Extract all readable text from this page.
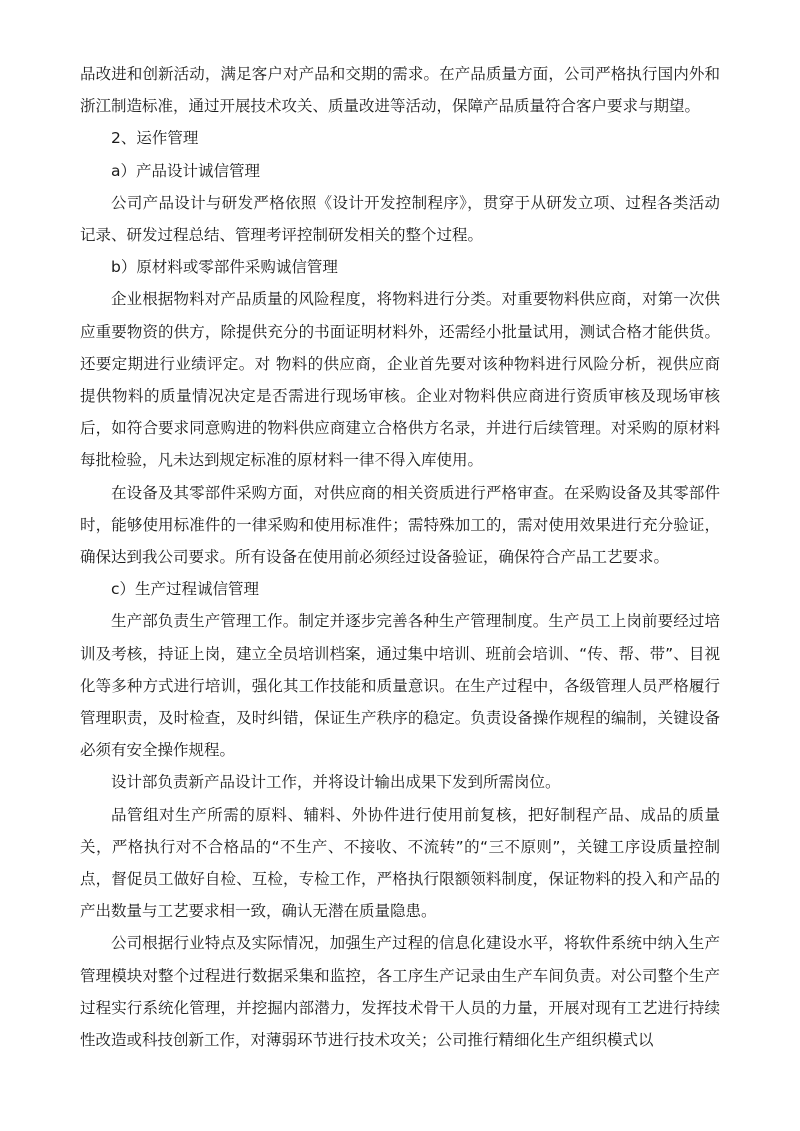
品改进和创新活动，满足客户对产品和交期的需求。在产品质量方面，公司严格执行国内外和浙江制造标准，通过开展技术攻关、质量改进等活动，保障产品质量符合客户要求与期望。

2、运作管理

a）产品设计诚信管理

公司产品设计与研发严格依照《设计开发控制程序》，贯穿于从研发立项、过程各类活动记录、研发过程总结、管理考评控制研发相关的整个过程。

b）原材料或零部件采购诚信管理

企业根据物料对产品质量的风险程度，将物料进行分类。对重要物料供应商，对第一次供应重要物资的供方，除提供充分的书面证明材料外，还需经小批量试用，测试合格才能供货。还要定期进行业绩评定。对 物料的供应商，企业首先要对该种物料进行风险分析，视供应商提供物料的质量情况决定是否需进行现场审核。企业对物料供应商进行资质审核及现场审核后，如符合要求同意购进的物料供应商建立合格供方名录，并进行后续管理。对采购的原材料每批检验，凡未达到规定标准的原材料一律不得入库使用。

在设备及其零部件采购方面，对供应商的相关资质进行严格审查。在采购设备及其零部件时，能够使用标准件的一律采购和使用标准件；需特殊加工的，需对使用效果进行充分验证，确保达到我公司要求。所有设备在使用前必须经过设备验证，确保符合产品工艺要求。

c）生产过程诚信管理

生产部负责生产管理工作。制定并逐步完善各种生产管理制度。生产员工上岗前要经过培训及考核，持证上岗，建立全员培训档案，通过集中培训、班前会培训、“传、帮、带”、目视化等多种方式进行培训，强化其工作技能和质量意识。在生产过程中，各级管理人员严格履行管理职责，及时检查，及时纠错，保证生产秩序的稳定。负责设备操作规程的编制，关键设备必须有安全操作规程。

设计部负责新产品设计工作，并将设计输出成果下发到所需岗位。

品管组对生产所需的原料、辅料、外协件进行使用前复核，把好制程产品、成品的质量关，严格执行对不合格品的“不生产、不接收、不流转”的“三不原则”，关键工序设质量控制点，督促员工做好自检、互检，专检工作，严格执行限额领料制度，保证物料的投入和产品的产出数量与工艺要求相一致，确认无潜在质量隐患。

公司根据行业特点及实际情况，加强生产过程的信息化建设水平，将软件系统中纳入生产管理模块对整个过程进行数据采集和监控，各工序生产记录由生产车间负责。对公司整个生产过程实行系统化管理，并挖掘内部潜力，发挥技术骨干人员的力量，开展对现有工艺进行持续性改造或科技创新工作，对薄弱环节进行技术攻关；公司推行精细化生产组织模式以
